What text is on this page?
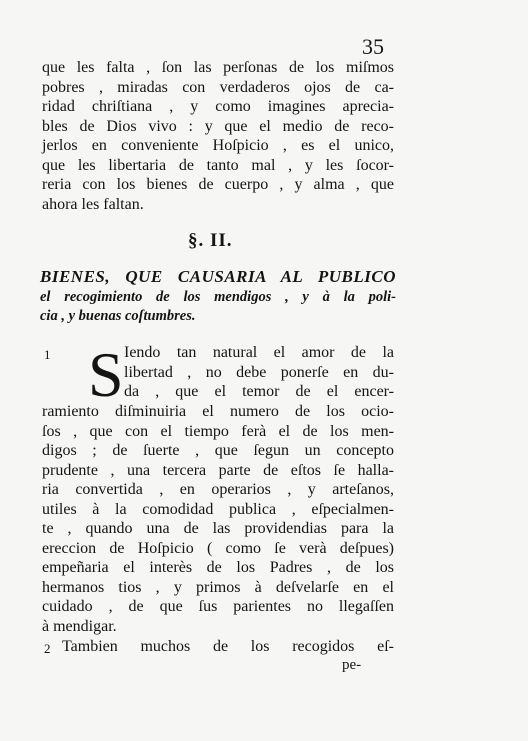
35
que les falta , ſon las perſonas de los miſmos
pobres , miradas con verdaderos ojos de ca-
ridad chriſtiana , y como imagines aprecia-
bles de Dios vivo : y que el medio de reco-
jerlos en conveniente Hoſpicio , es el unico,
que les libertaria de tanto mal , y les ſocor-
reria con los bienes de cuerpo , y alma , que
ahora les faltan.
§. II.
BIENES, QUE CAUSARIA AL PUBLICO
el recogimiento de los mendigos , y à la poli-
cia , y buenas coſtumbres.
1 S Iendo tan natural el amor de la
libertad , no debe ponerſe en du-
da , que el temor de el encer-
ramiento diſminuiria el numero de los ocio-
ſos , que con el tiempo ferà el de los men-
digos ; de ſuerte , que ſegun un concepto
prudente , una tercera parte de eſtos ſe halla-
ria convertida , en operarios , y arteſanos,
utiles à la comodidad publica , eſpecialmen-
te , quando una de las providendias para la
ereccion de Hoſpicio ( como ſe verà deſpues)
empeñaria el interès de los Padres , de los
hermanos tios , y primos à deſvelarſe en el
cuidado , de que ſus parientes no llegaſſen
à mendigar.
2 Tambien muchos de los recogidos eſ-
pe-
